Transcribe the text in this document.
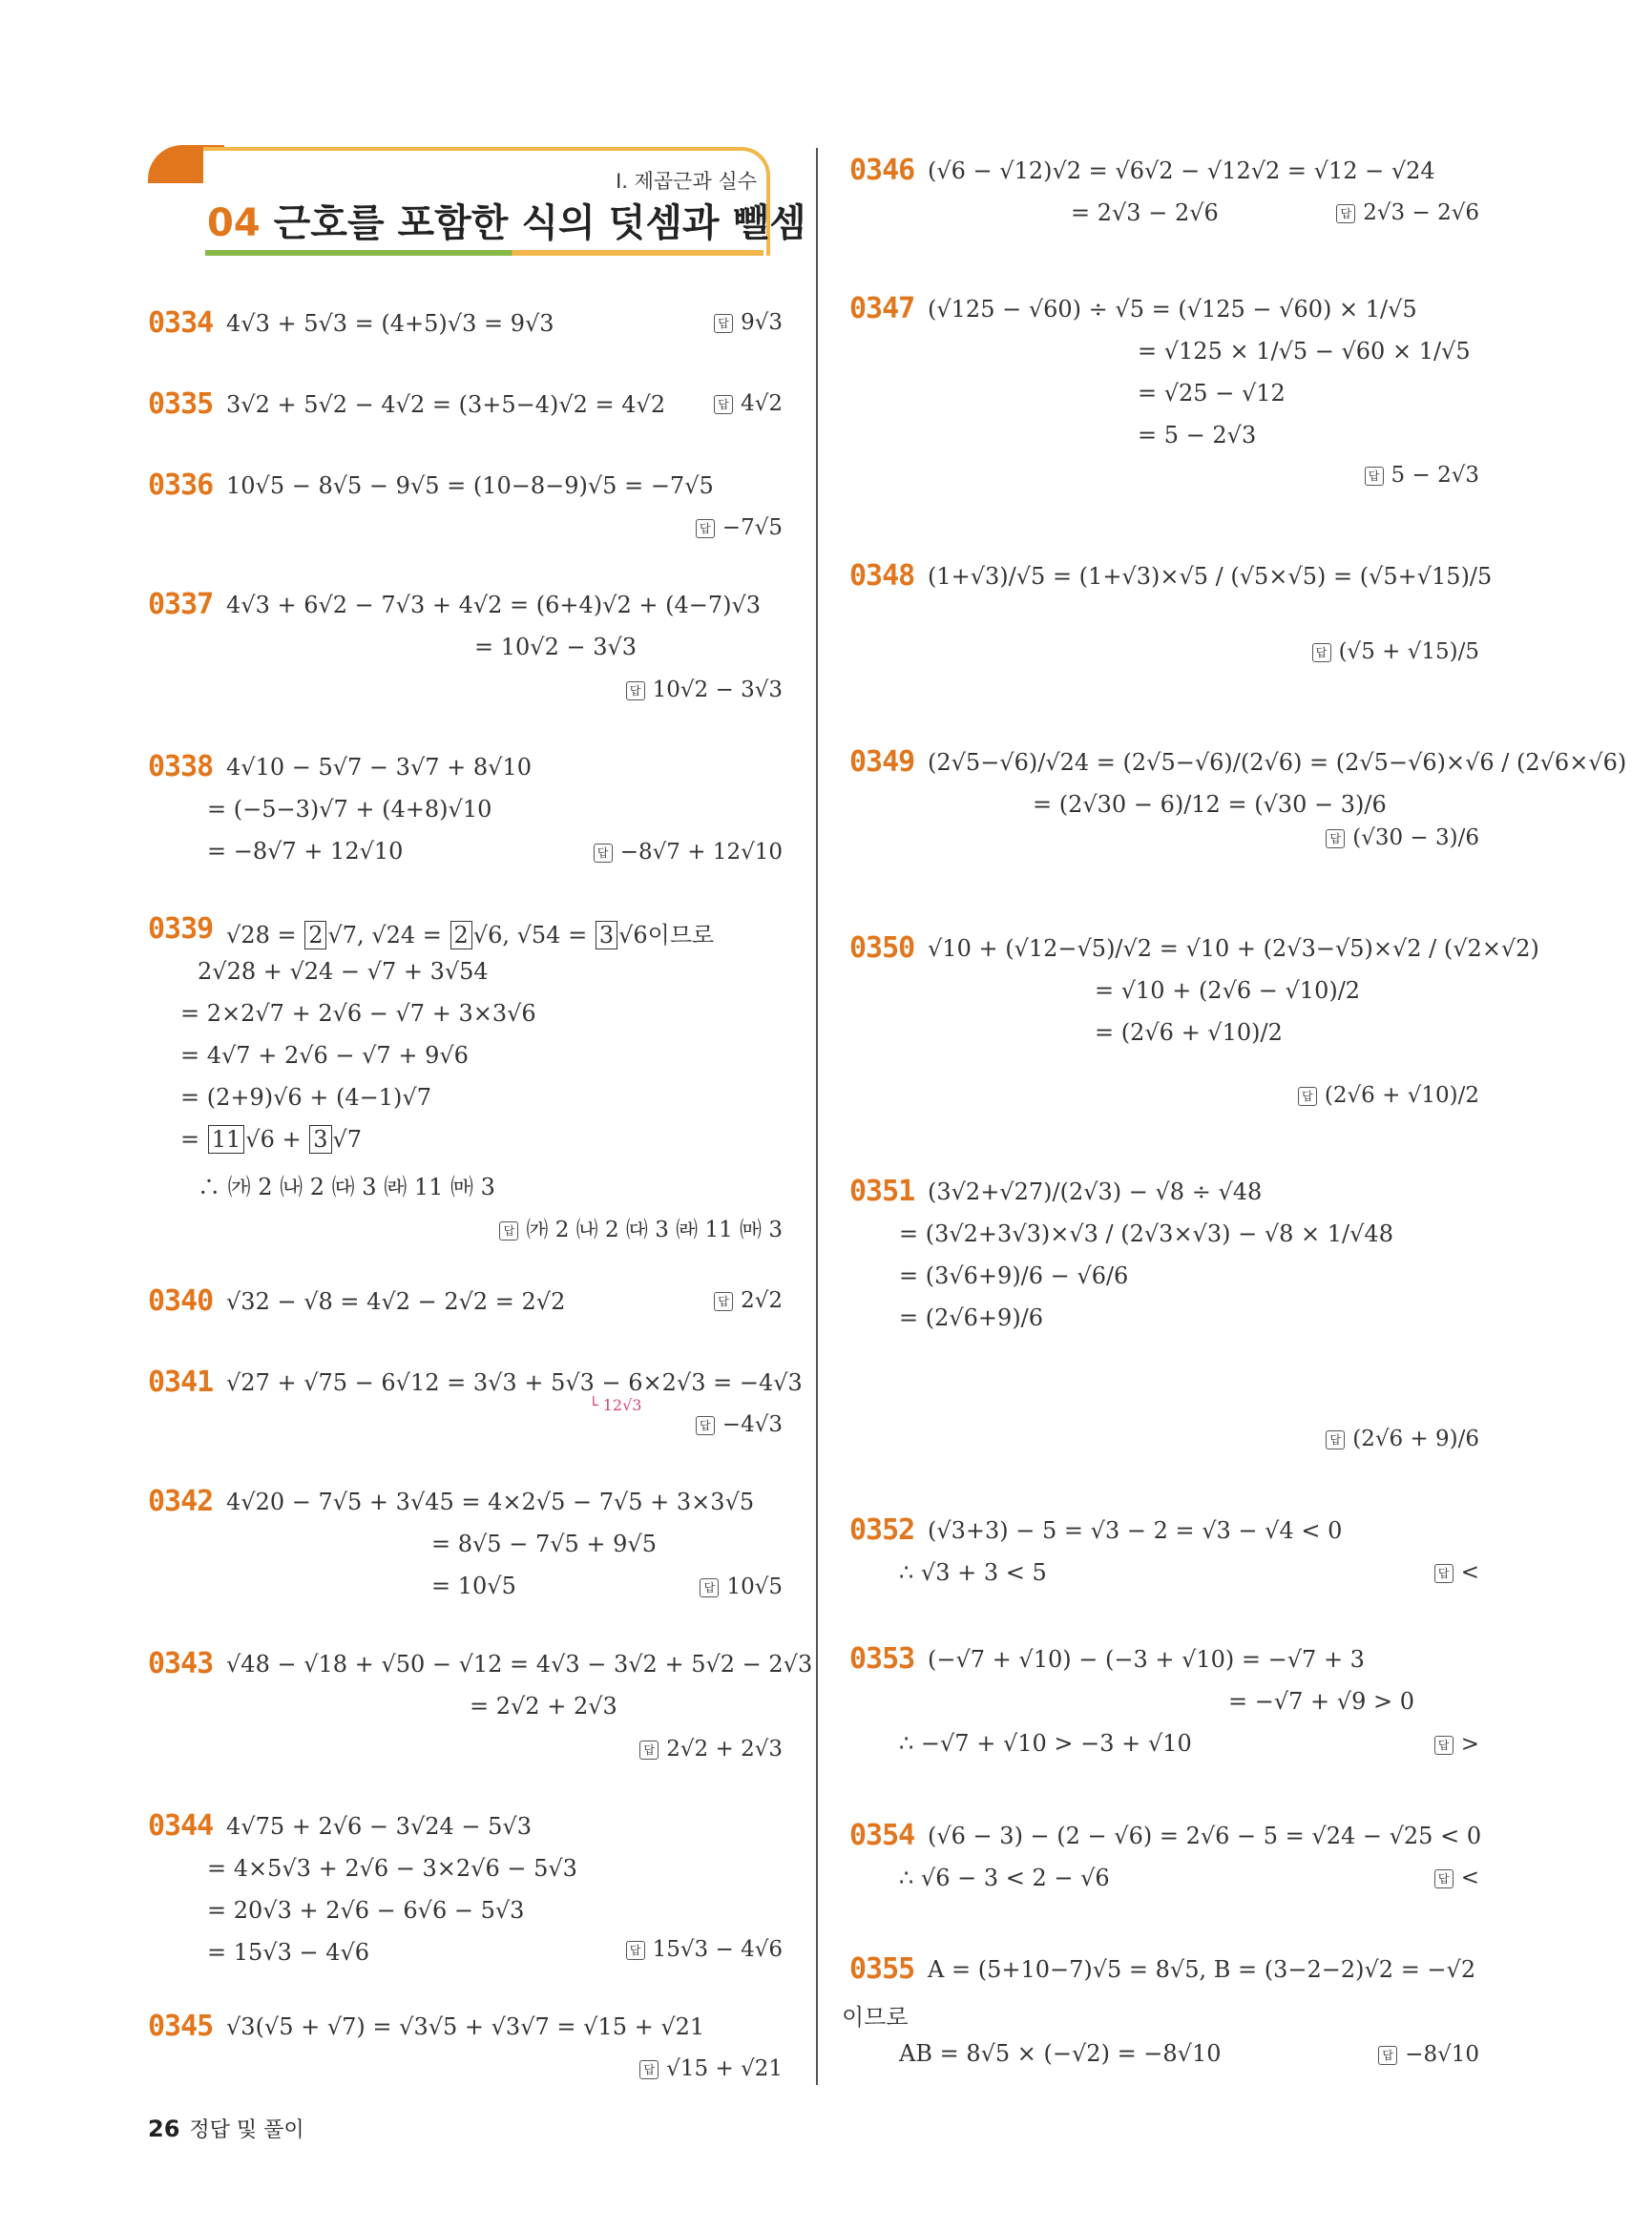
Ⅰ. 제곱근과 실수
04 근호를 포함한 식의 덧셈과 뺄셈
0334 4√3 + 5√3 = (4+5)√3 = 9√3	답 9√3
0335 3√2 + 5√2 − 4√2 = (3+5−4)√2 = 4√2	답 4√2
0336 10√5 − 8√5 − 9√5 = (10−8−9)√5 = −7√5
답 −7√5
0337 4√3 + 6√2 − 7√3 + 4√2 = (6+4)√2 + (4−7)√3
= 10√2 − 3√3
답 10√2 − 3√3
0338 4√10 − 5√7 − 3√7 + 8√10
= (−5−3)√7 + (4+8)√10
= −8√7 + 12√10	답 −8√7 + 12√10
0339 √28 = 2 √7, √24 = 2 √6, √54 = 3 √6이므로
2√28 + √24 − √7 + 3√54
= 2×2√7 + 2√6 − √7 + 3×3√6
= 4√7 + 2√6 − √7 + 9√6
= (2+9)√6 + (4−1)√7
= 11 √6 + 3 √7
∴ ㈎ 2 ㈏ 2 ㈐ 3 ㈑ 11 ㈒ 3
답 ㈎ 2 ㈏ 2 ㈐ 3 ㈑ 11 ㈒ 3
0340 √32 − √8 = 4√2 − 2√2 = 2√2	답 2√2
0341 √27 + √75 − 6√12 = 3√3 + 5√3 − 6×2√3 = −4√3
└ 12√3
답 −4√3
0342 4√20 − 7√5 + 3√45 = 4×2√5 − 7√5 + 3×3√5
= 8√5 − 7√5 + 9√5
= 10√5	답 10√5
0343 √48 − √18 + √50 − √12 = 4√3 − 3√2 + 5√2 − 2√3
= 2√2 + 2√3
답 2√2 + 2√3
0344 4√75 + 2√6 − 3√24 − 5√3
= 4×5√3 + 2√6 − 3×2√6 − 5√3
= 20√3 + 2√6 − 6√6 − 5√3
= 15√3 − 4√6	답 15√3 − 4√6
0345 √3(√5 + √7) = √3√5 + √3√7 = √15 + √21
답 √15 + √21
0346 (√6 − √12)√2 = √6√2 − √12√2 = √12 − √24
= 2√3 − 2√6	답 2√3 − 2√6
0347 (√125 − √60) ÷ √5 = (√125 − √60) × 1/√5
= √125 × 1/√5 − √60 × 1/√5
= √25 − √12
= 5 − 2√3
답 5 − 2√3
0348 (1+√3)/√5 = (1+√3)×√5 / (√5×√5) = (√5+√15)/5
답 (√5 + √15)/5
0349 (2√5−√6)/√24 = (2√5−√6)/(2√6) = (2√5−√6)×√6 / (2√6×√6)
= (2√30 − 6)/12 = (√30 − 3)/6
답 (√30 − 3)/6
0350 √10 + (√12−√5)/√2 = √10 + (2√3−√5)×√2 / (√2×√2)
= √10 + (2√6 − √10)/2
= (2√6 + √10)/2
답 (2√6 + √10)/2
0351 (3√2+√27)/(2√3) − √8 ÷ √48
= (3√2+3√3)×√3 / (2√3×√3) − √8 × 1/√48
= (3√6+9)/6 − √6/6
= (2√6+9)/6
답 (2√6 + 9)/6
0352 (√3+3) − 5 = √3 − 2 = √3 − √4 < 0
∴ √3 + 3 < 5	답 <
0353 (−√7 + √10) − (−3 + √10) = −√7 + 3
= −√7 + √9 > 0
∴ −√7 + √10 > −3 + √10	답 >
0354 (√6 − 3) − (2 − √6) = 2√6 − 5 = √24 − √25 < 0
∴ √6 − 3 < 2 − √6	답 <
0355 A = (5+10−7)√5 = 8√5, B = (3−2−2)√2 = −√2
이므로
AB = 8√5 × (−√2) = −8√10	답 −8√10
26 정답 및 풀이
